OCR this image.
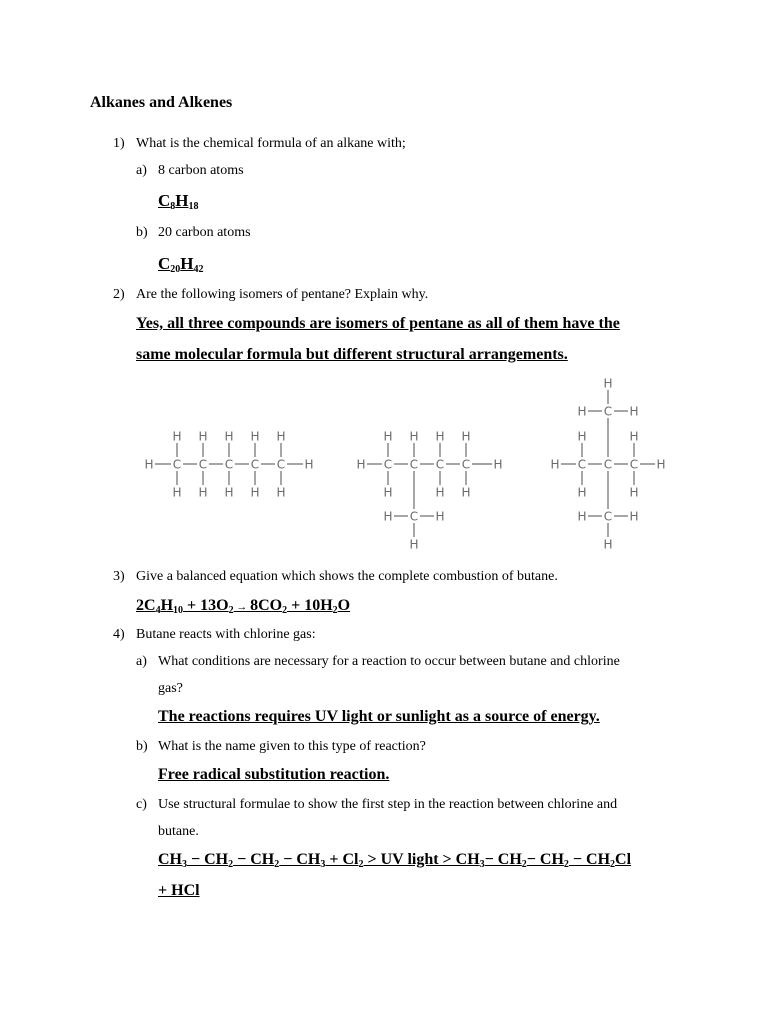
Alkanes and Alkenes
1) What is the chemical formula of an alkane with;
a) 8 carbon atoms
$C_8H_{18}$
b) 20 carbon atoms
$C_{20}H_{42}$
2) Are the following isomers of pentane? Explain why.
Yes, all three compounds are isomers of pentane as all of them have the
same molecular formula but different structural arrangements.
H C
H
H
C
H
H
C
H
H
C
H
H
C
H
H
H	H C
H
C
H
C
H
C
H
H
H	H H
C
H	H
H
H C C C H
H	H
H	H
C
H	H
H
C
H	H
H
3) Give a balanced equation which shows the complete combustion of butane.
$2C_4H_{10} + 13O_2 \to 8CO_2 + 10H_2O$
4) Butane reacts with chlorine gas:
a) What conditions are necessary for a reaction to occur between butane and chlorine
gas?
The reactions requires UV light or sunlight as a source of energy.
b) What is the name given to this type of reaction?
Free radical substitution reaction.
c) Use structural formulae to show the first step in the reaction between chlorine and
butane.
$CH_3 - CH_2 - CH_2 - CH_3 + Cl_2$ > UV light > $CH_3- CH_2- CH_2 - CH_2Cl$
+ HCl
